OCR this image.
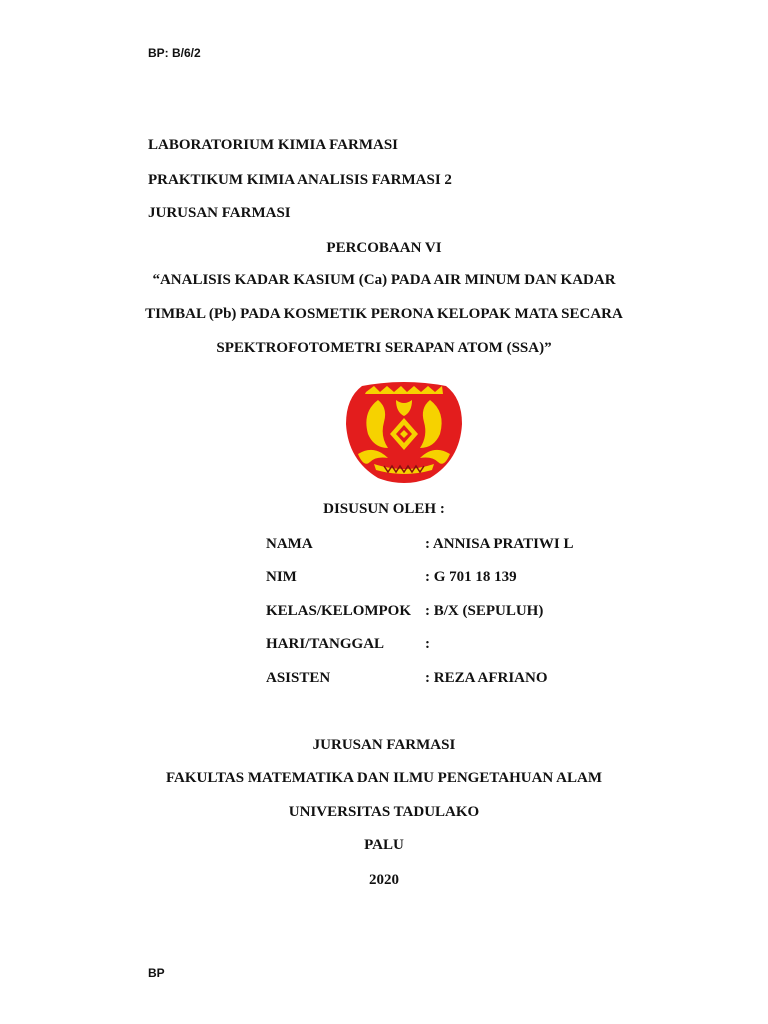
BP: B/6/2
LABORATORIUM KIMIA FARMASI
PRAKTIKUM KIMIA ANALISIS FARMASI 2
JURUSAN FARMASI
PERCOBAAN VI
“ANALISIS KADAR KASIUM (Ca) PADA AIR MINUM DAN KADAR
TIMBAL (Pb) PADA KOSMETIK PERONA KELOPAK MATA SECARA
SPEKTROFOTOMETRI SERAPAN ATOM (SSA)”
DISUSUN OLEH :
NAMA	: ANNISA PRATIWI L
NIM	: G 701 18 139
KELAS/KELOMPOK : B/X (SEPULUH)
HARI/TANGGAL	:
ASISTEN	: REZA AFRIANO
JURUSAN FARMASI
FAKULTAS MATEMATIKA DAN ILMU PENGETAHUAN ALAM
UNIVERSITAS TADULAKO
PALU
2020
BP
